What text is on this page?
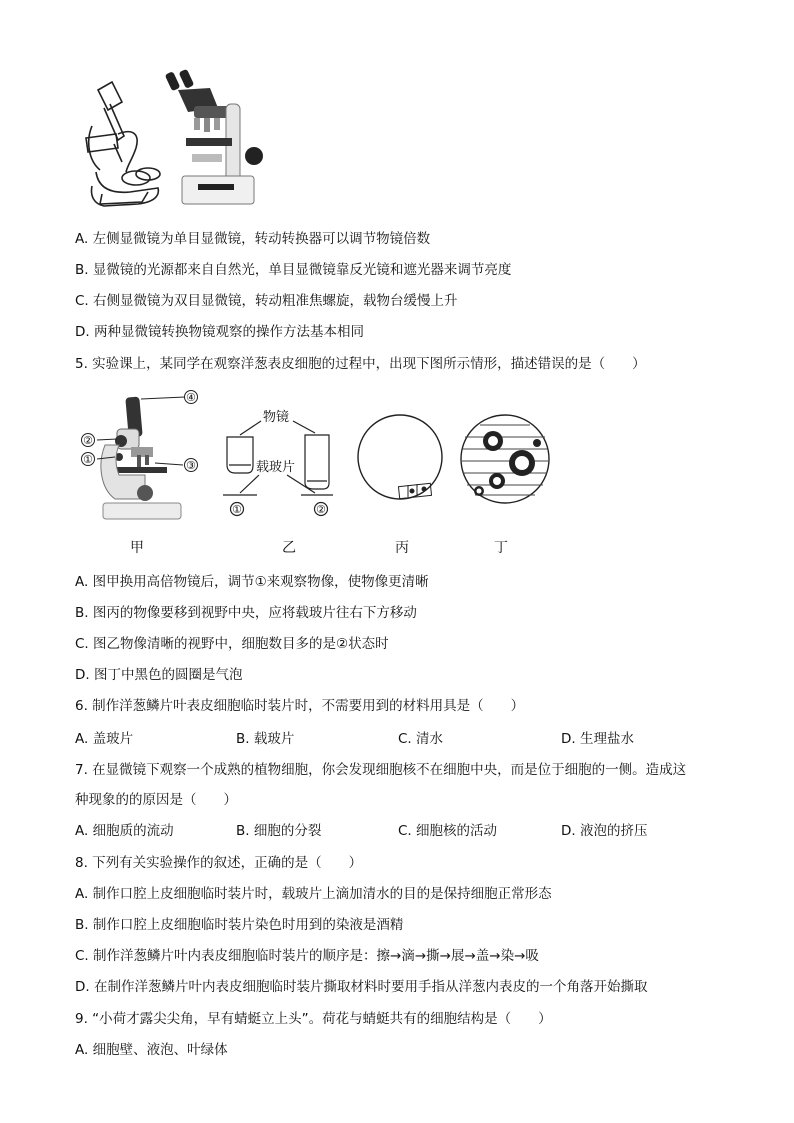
A. 左侧显微镜为单目显微镜，转动转换器可以调节物镜倍数
B. 显微镜的光源都来自自然光，单目显微镜靠反光镜和遮光器来调节亮度
C. 右侧显微镜为双目显微镜，转动粗准焦螺旋，载物台缓慢上升
D. 两种显微镜转换物镜观察的操作方法基本相同
5. 实验课上，某同学在观察洋葱表皮细胞的过程中，出现下图所示情形，描述错误的是（　　）
物镜
载玻片
④
②
①	③
①	②
甲	乙	丙	丁
A. 图甲换用高倍物镜后，调节①来观察物像，使物像更清晰
B. 图丙的物像要移到视野中央，应将载玻片往右下方移动
C. 图乙物像清晰的视野中，细胞数目多的是②状态时
D. 图丁中黑色的圆圈是气泡
6. 制作洋葱鳞片叶表皮细胞临时装片时，不需要用到的材料用具是（　　）
A. 盖玻片	B. 载玻片	C. 清水	D. 生理盐水
7. 在显微镜下观察一个成熟的植物细胞，你会发现细胞核不在细胞中央，而是位于细胞的一侧。造成这
种现象的的原因是（　　）
A. 细胞质的流动	B. 细胞的分裂	C. 细胞核的活动	D. 液泡的挤压
8. 下列有关实验操作的叙述，正确的是（　　）
A. 制作口腔上皮细胞临时装片时，载玻片上滴加清水的目的是保持细胞正常形态
B. 制作口腔上皮细胞临时装片染色时用到的染液是酒精
C. 制作洋葱鳞片叶内表皮细胞临时装片的顺序是：擦→滴→撕→展→盖→染→吸
D. 在制作洋葱鳞片叶内表皮细胞临时装片撕取材料时要用手指从洋葱内表皮的一个角落开始撕取
9. “小荷才露尖尖角，早有蜻蜓立上头”。荷花与蜻蜓共有的细胞结构是（　　）
A. 细胞壁、液泡、叶绿体
